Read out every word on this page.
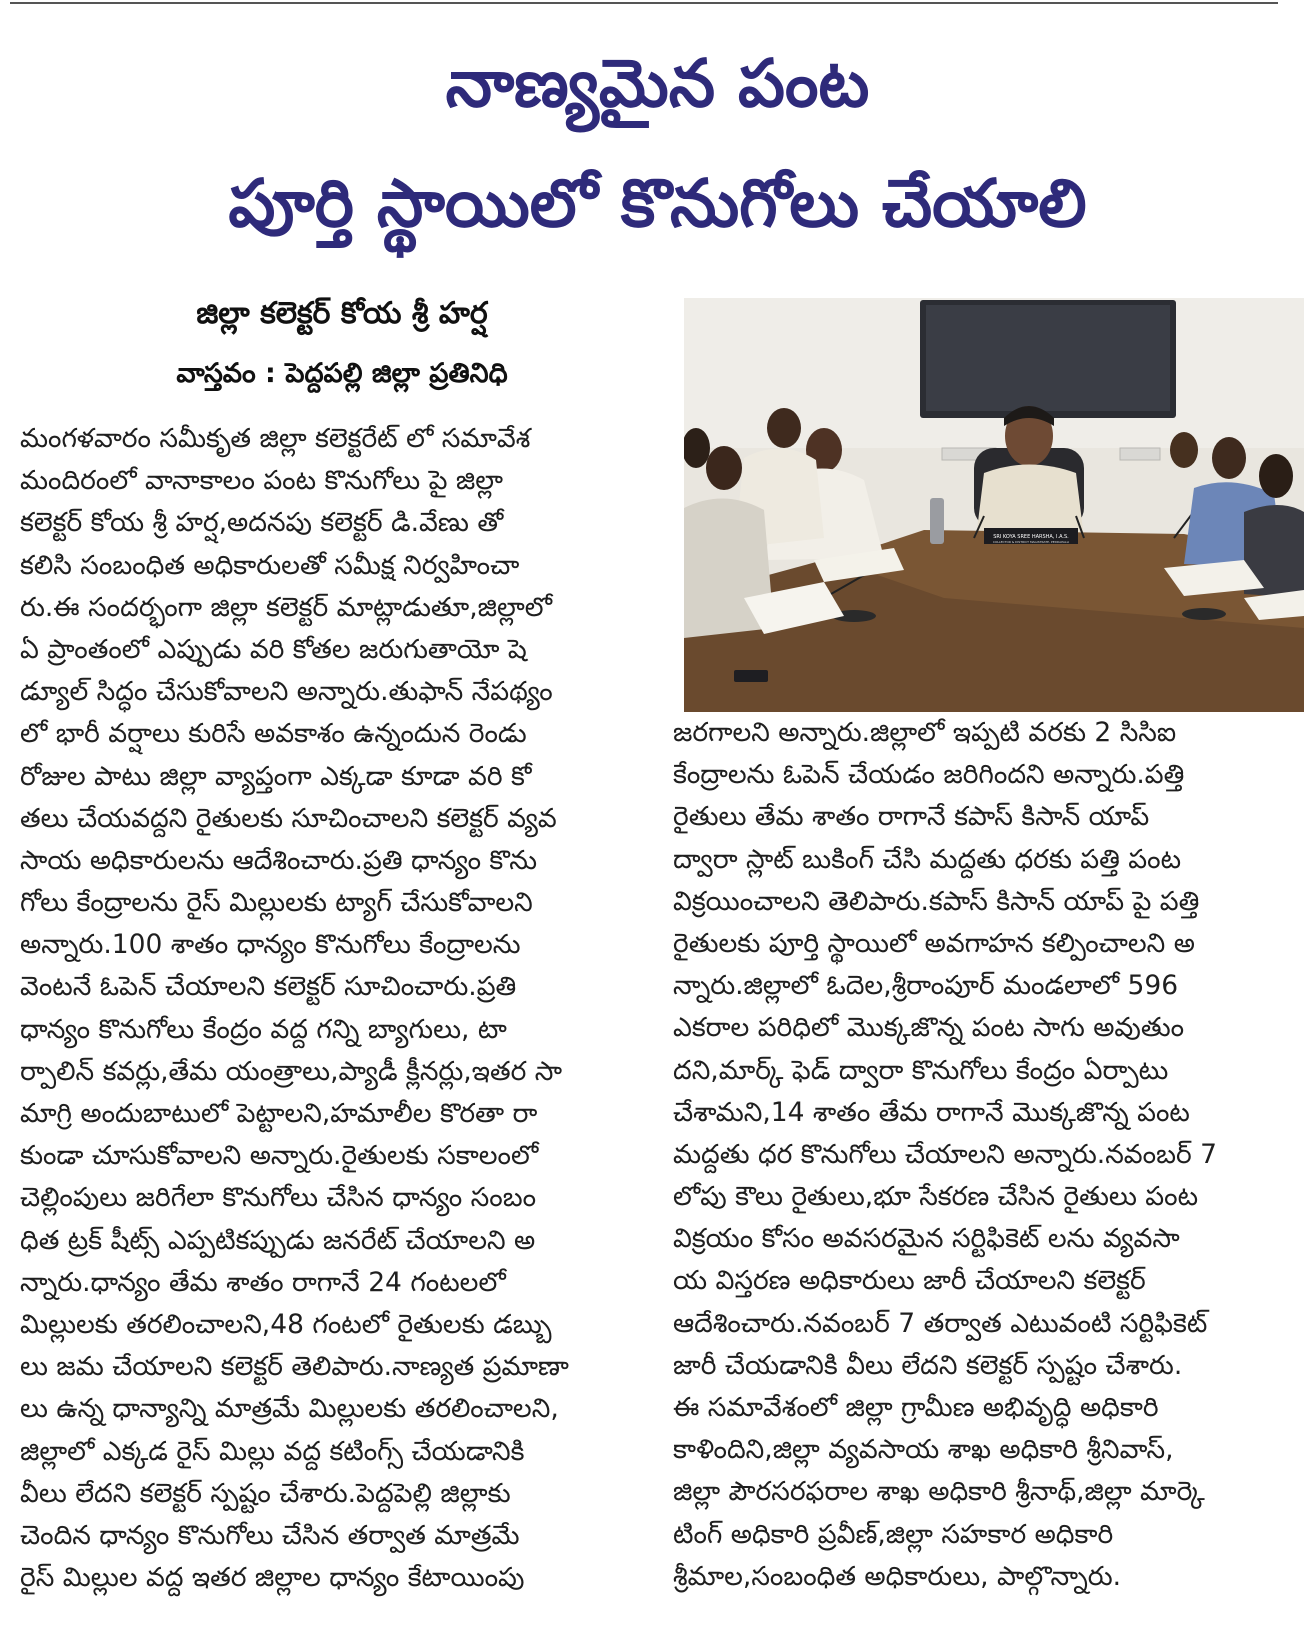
నాణ్యమైన పంట
పూర్తి స్థాయిలో కొనుగోలు చేయాలి
జిల్లా కలెక్టర్ కోయ శ్రీ హర్ష
వాస్తవం : పెద్దపల్లి జిల్లా ప్రతినిధి
మంగళవారం సమీకృత జిల్లా కలెక్టరేట్ లో సమావేశ
మందిరంలో వానాకాలం పంట కొనుగోలు పై జిల్లా
కలెక్టర్ కోయ శ్రీ హర్ష,అదనపు కలెక్టర్ డి.వేణు తో
కలిసి సంబంధిత అధికారులతో సమీక్ష నిర్వహించా
రు.ఈ సందర్భంగా జిల్లా కలెక్టర్ మాట్లాడుతూ,జిల్లాలో
ఏ ప్రాంతంలో ఎప్పుడు వరి కోతల జరుగుతాయో షె
డ్యూల్ సిద్ధం చేసుకోవాలని అన్నారు.తుఫాన్ నేపథ్యం
లో భారీ వర్షాలు కురిసే అవకాశం ఉన్నందున రెండు
రోజుల పాటు జిల్లా వ్యాప్తంగా ఎక్కడా కూడా వరి కో
తలు చేయవద్దని రైతులకు సూచించాలని కలెక్టర్ వ్యవ
సాయ అధికారులను ఆదేశించారు.ప్రతి ధాన్యం కొను
గోలు కేంద్రాలను రైస్ మిల్లులకు ట్యాగ్ చేసుకోవాలని
అన్నారు.100 శాతం ధాన్యం కొనుగోలు కేంద్రాలను
వెంటనే ఓపెన్ చేయాలని కలెక్టర్ సూచించారు.ప్రతి
ధాన్యం కొనుగోలు కేంద్రం వద్ద గన్ని బ్యాగులు, టా
ర్పాలిన్ కవర్లు,తేమ యంత్రాలు,ప్యాడీ క్లీనర్లు,ఇతర సా
మాగ్రి అందుబాటులో పెట్టాలని,హమాలీల కొరతా రా
కుండా చూసుకోవాలని అన్నారు.రైతులకు సకాలంలో
చెల్లింపులు జరిగేలా కొనుగోలు చేసిన ధాన్యం సంబం
ధిత ట్రక్ షీట్స్ ఎప్పటికప్పుడు జనరేట్ చేయాలని అ
న్నారు.ధాన్యం తేమ శాతం రాగానే 24 గంటలలో
మిల్లులకు తరలించాలని,48 గంటలో రైతులకు డబ్బు
లు జమ చేయాలని కలెక్టర్ తెలిపారు.నాణ్యత ప్రమాణా
లు ఉన్న ధాన్యాన్ని మాత్రమే మిల్లులకు తరలించాలని,
జిల్లాలో ఎక్కడ రైస్ మిల్లు వద్ద కటింగ్స్ చేయడానికి
వీలు లేదని కలెక్టర్ స్పష్టం చేశారు.పెద్దపెల్లి జిల్లాకు
చెందిన ధాన్యం కొనుగోలు చేసిన తర్వాత మాత్రమే
రైస్ మిల్లుల వద్ద ఇతర జిల్లాల ధాన్యం కేటాయింపు
SRI KOYA SREE HARSHA, I.A.S.
COLLECTOR & DISTRICT MAGISTRATE, PEDDAPALLI
జరగాలని అన్నారు.జిల్లాలో ఇప్పటి వరకు 2 సిసిఐ
కేంద్రాలను ఓపెన్ చేయడం జరిగిందని అన్నారు.పత్తి
రైతులు తేమ శాతం రాగానే కపాస్ కిసాన్ యాప్
ద్వారా స్లాట్ బుకింగ్ చేసి మద్దతు ధరకు పత్తి పంట
విక్రయించాలని తెలిపారు.కపాస్ కిసాన్ యాప్ పై పత్తి
రైతులకు పూర్తి స్థాయిలో అవగాహన కల్పించాలని అ
న్నారు.జిల్లాలో ఓదెల,శ్రీరాంపూర్ మండలాలో 596
ఎకరాల పరిధిలో మొక్కజొన్న పంట సాగు అవుతుం
దని,మార్క్ ఫెడ్ ద్వారా కొనుగోలు కేంద్రం ఏర్పాటు
చేశామని,14 శాతం తేమ రాగానే మొక్కజొన్న పంట
మద్దతు ధర కొనుగోలు చేయాలని అన్నారు.నవంబర్ 7
లోపు కౌలు రైతులు,భూ సేకరణ చేసిన రైతులు పంట
విక్రయం కోసం అవసరమైన సర్టిఫికెట్ లను వ్యవసా
య విస్తరణ అధికారులు జారీ చేయాలని కలెక్టర్
ఆదేశించారు.నవంబర్ 7 తర్వాత ఎటువంటి సర్టిఫికెట్
జారీ చేయడానికి వీలు లేదని కలెక్టర్ స్పష్టం చేశారు.
ఈ సమావేశంలో జిల్లా గ్రామీణ అభివృద్ధి అధికారి
కాళిందిని,జిల్లా వ్యవసాయ శాఖ అధికారి శ్రీనివాస్,
జిల్లా పౌరసరఫరాల శాఖ అధికారి శ్రీనాథ్,జిల్లా మార్కె
టింగ్ అధికారి ప్రవీణ్,జిల్లా సహకార అధికారి
శ్రీమాల,సంబంధిత అధికారులు, పాల్గొన్నారు.
